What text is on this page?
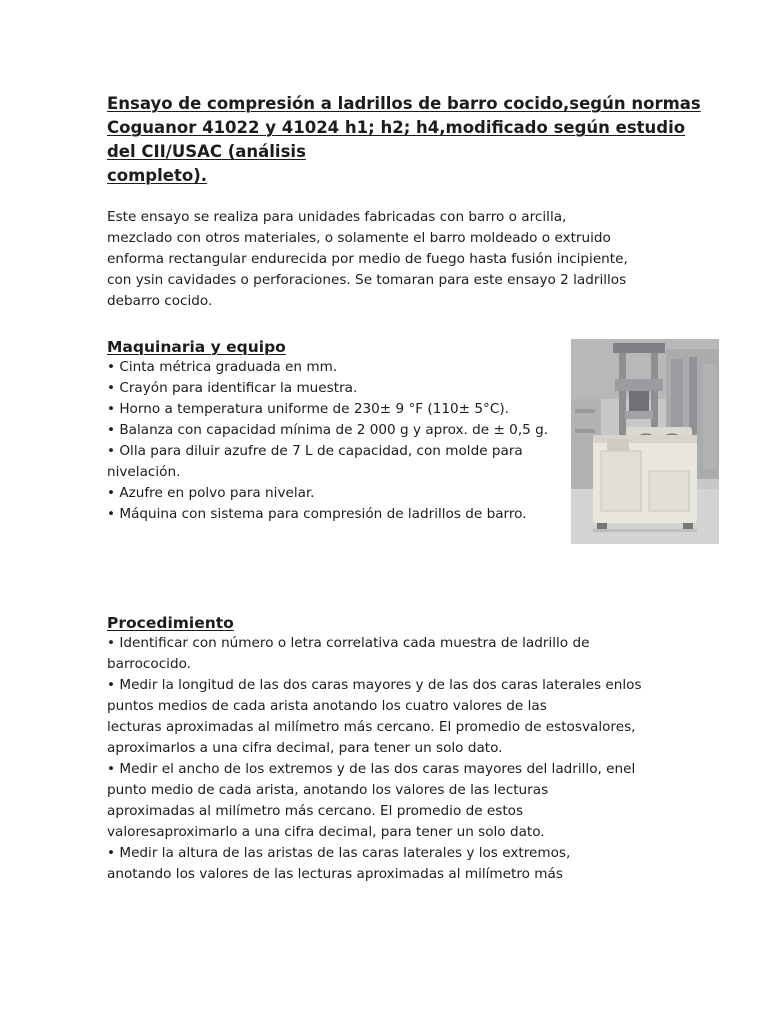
Ensayo de compresión a ladrillos de barro cocido,según normas
Coguanor 41022 y 41024 h1; h2; h4,modificado según estudio
del CII/USAC (análisis
completo).

Este ensayo se realiza para unidades fabricadas con barro o arcilla,
mezclado con otros materiales, o solamente el barro moldeado o extruido
enforma rectangular endurecida por medio de fuego hasta fusión incipiente,
con ysin cavidades o perforaciones. Se tomaran para este ensayo 2 ladrillos
debarro cocido.

Maquinaria y equipo
• Cinta métrica graduada en mm.
• Crayón para identificar la muestra.
• Horno a temperatura uniforme de 230± 9 °F (110± 5°C).
• Balanza con capacidad mínima de 2 000 g y aprox. de ± 0,5 g.
• Olla para diluir azufre de 7 L de capacidad, con molde para
nivelación.
• Azufre en polvo para nivelar.
• Máquina con sistema para compresión de ladrillos de barro.
Procedimiento
• Identificar con número o letra correlativa cada muestra de ladrillo de
barrococido.
• Medir la longitud de las dos caras mayores y de las dos caras laterales enlos
puntos medios de cada arista anotando los cuatro valores de las
lecturas aproximadas al milímetro más cercano. El promedio de estosvalores,
aproximarlos a una cifra decimal, para tener un solo dato.
• Medir el ancho de los extremos y de las dos caras mayores del ladrillo, enel
punto medio de cada arista, anotando los valores de las lecturas
aproximadas al milímetro más cercano. El promedio de estos
valoresaproximarlo a una cifra decimal, para tener un solo dato.
• Medir la altura de las aristas de las caras laterales y los extremos,
anotando los valores de las lecturas aproximadas al milímetro más
